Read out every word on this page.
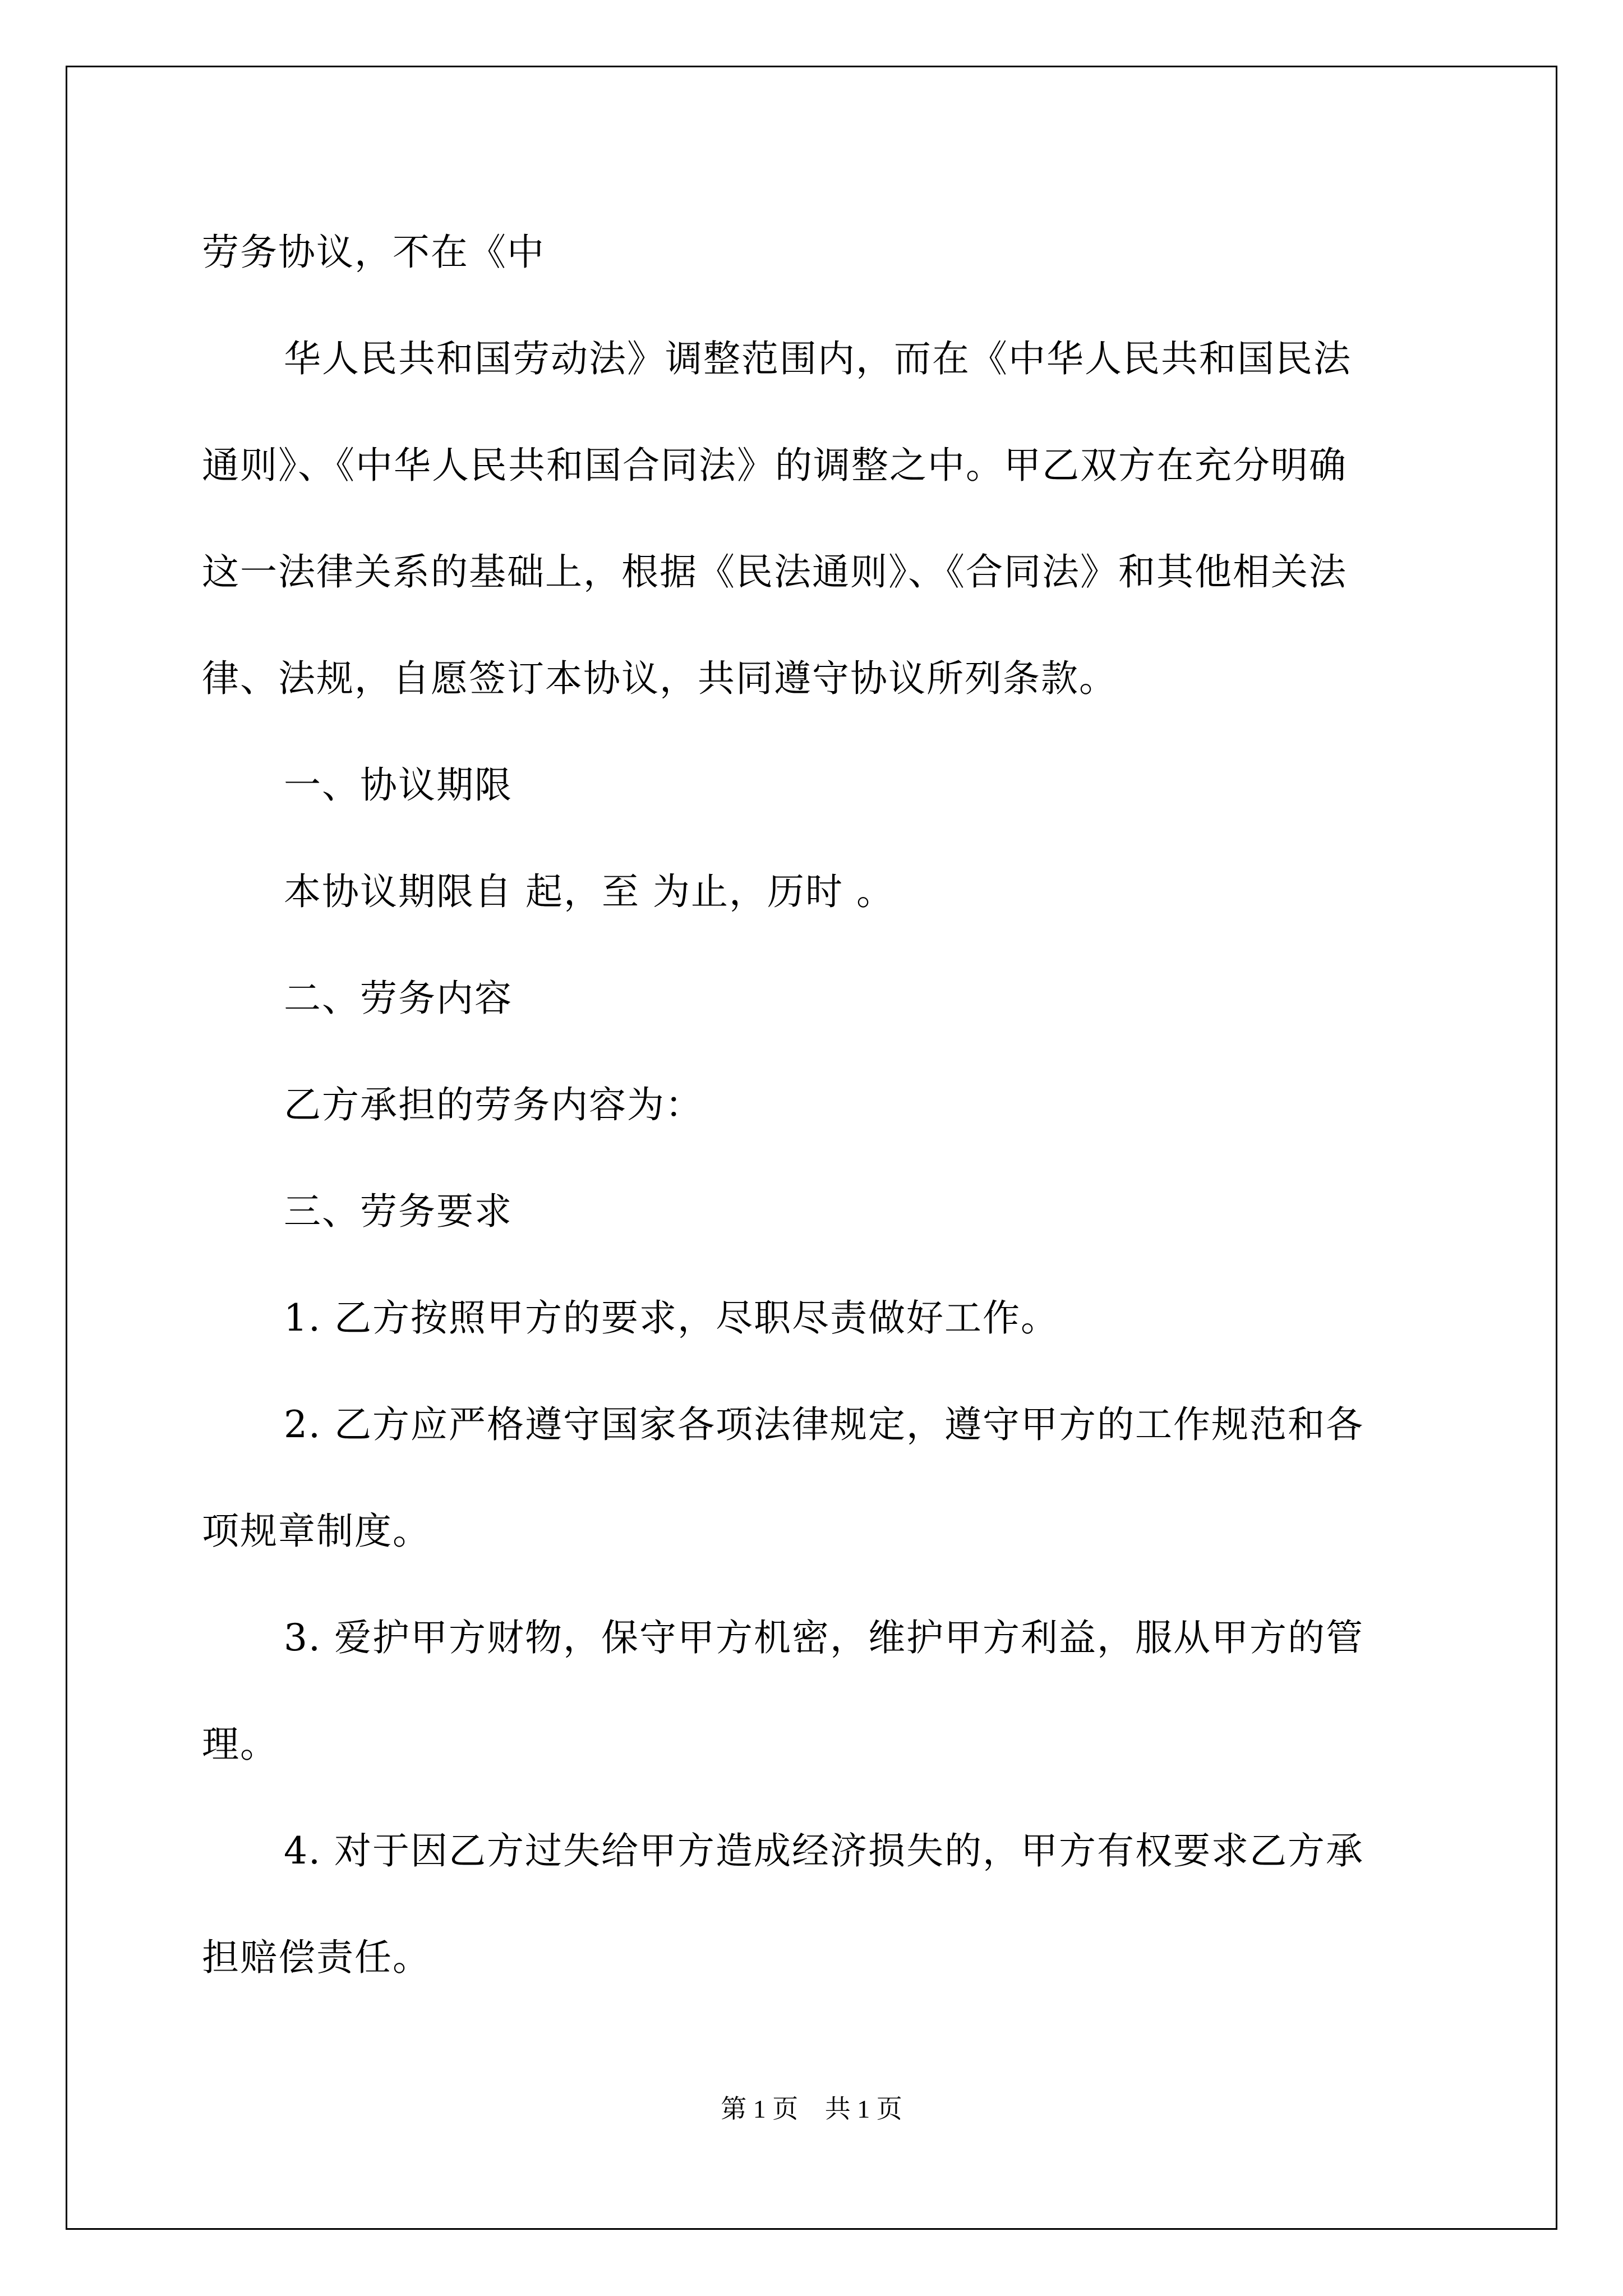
劳务协议，不在《中
华人民共和国劳动法》调整范围内，而在《中华人民共和国民法
通则》、《中华人民共和国合同法》的调整之中。甲乙双方在充分明确
这一法律关系的基础上，根据《民法通则》、《合同法》和其他相关法
律、法规，自愿签订本协议，共同遵守协议所列条款。
一、协议期限
本协议期限自 起，至 为止，历时 。
二、劳务内容
乙方承担的劳务内容为：
三、劳务要求
1. 乙方按照甲方的要求，尽职尽责做好工作。
2. 乙方应严格遵守国家各项法律规定，遵守甲方的工作规范和各
项规章制度。
3. 爱护甲方财物，保守甲方机密，维护甲方利益，服从甲方的管
理。
4. 对于因乙方过失给甲方造成经济损失的，甲方有权要求乙方承
担赔偿责任。
第 1 页 共 1 页
